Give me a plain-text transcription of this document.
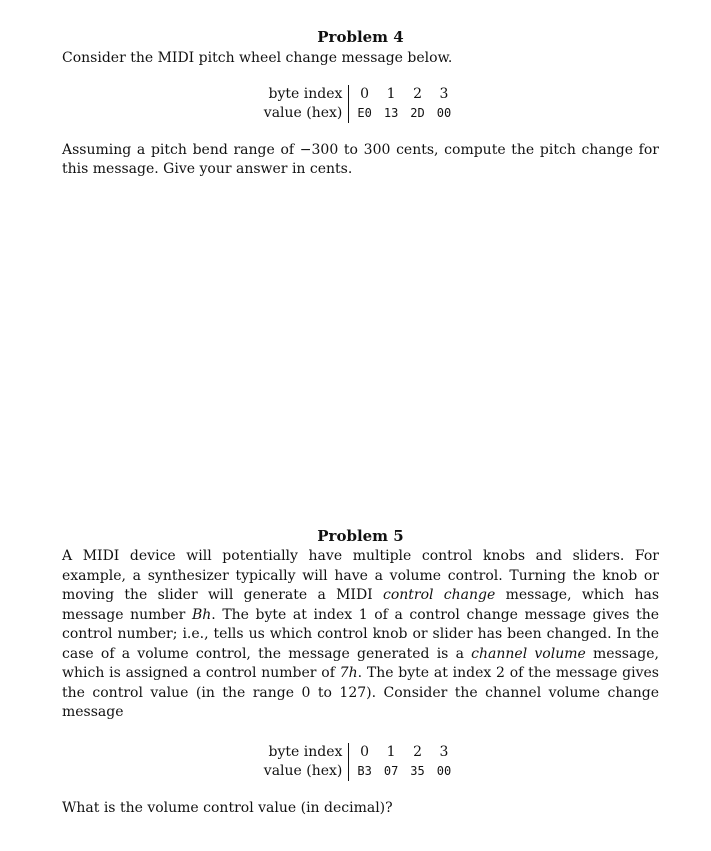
Problem 4

Consider the MIDI pitch wheel change message below.

byte index	0	1	2	3
value (hex)	E0	13	2D	00

Assuming a pitch bend range of −300 to 300 cents, compute the pitch change for this message. Give your answer in cents.

Problem 5

A MIDI device will potentially have multiple control knobs and sliders. For example, a synthesizer typically will have a volume control. Turning the knob or moving the slider will generate a MIDI control change message, which has message number Bh. The byte at index 1 of a control change message gives the control number; i.e., tells us which control knob or slider has been changed. In the case of a volume control, the message generated is a channel volume message, which is assigned a control number of 7h. The byte at index 2 of the message gives the control value (in the range 0 to 127). Consider the channel volume change message

byte index	0	1	2	3
value (hex)	B3	07	35	00

What is the volume control value (in decimal)?
